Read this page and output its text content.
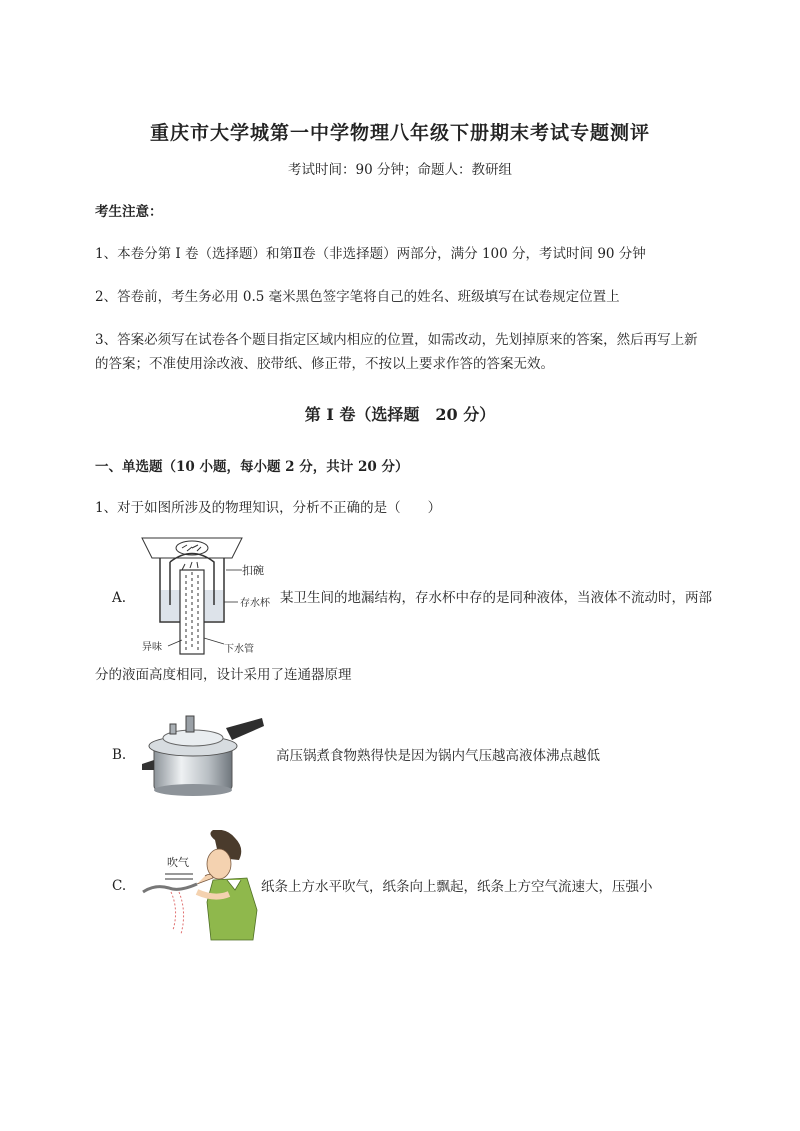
重庆市大学城第一中学物理八年级下册期末考试专题测评
考试时间：90 分钟；命题人：教研组
考生注意：
1、本卷分第 I 卷（选择题）和第Ⅱ卷（非选择题）两部分，满分 100 分，考试时间 90 分钟
2、答卷前，考生务必用 0.5 毫米黑色签字笔将自己的姓名、班级填写在试卷规定位置上
3、答案必须写在试卷各个题目指定区域内相应的位置，如需改动，先划掉原来的答案，然后再写上新
的答案；不准使用涂改液、胶带纸、修正带，不按以上要求作答的答案无效。
第 I 卷（选择题　20 分）
一、单选题（10 小题，每小题 2 分，共计 20 分）
1、对于如图所涉及的物理知识，分析不正确的是（　　）
A.
扣碗
存水杯
异味	下水管
某卫生间的地漏结构，存水杯中存的是同种液体，当液体不流动时，两部
分的液面高度相同，设计采用了连通器原理
B.	高压锅煮食物熟得快是因为锅内气压越高液体沸点越低
C.
吹气
纸条上方水平吹气，纸条向上飘起，纸条上方空气流速大，压强小
